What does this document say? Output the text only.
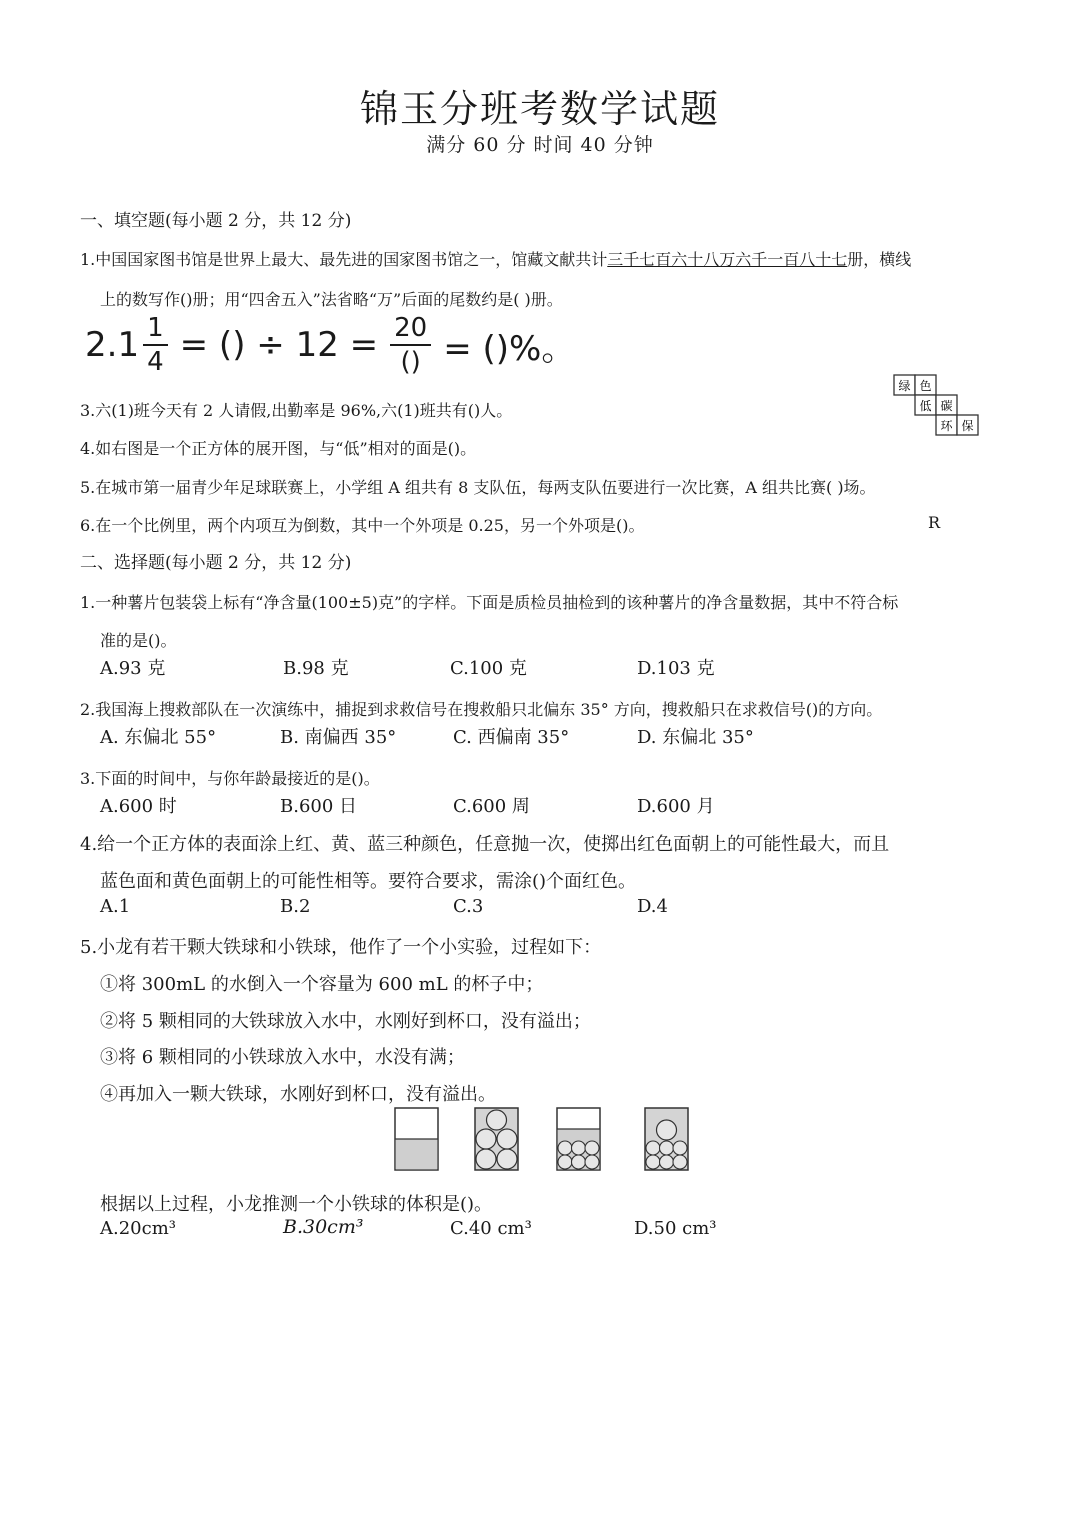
锦玉分班考数学试题
满分 60 分 时间 40 分钟
一、填空题(每小题 2 分，共 12 分)
1.中国国家图书馆是世界上最大、最先进的国家图书馆之一，馆藏文献共计三千七百六十八万六千一百八十七册，横线
上的数写作()册；用“四舍五入”法省略“万”后面的尾数约是( )册。
2. $1 \frac{1}{4}$ = () ÷ $12 = \frac{20}{()}$ = ()%。
3.六(1)班今天有 2 人请假,出勤率是 96%,六(1)班共有()人。
4.如右图是一个正方体的展开图，与“低”相对的面是()。
5.在城市第一届青少年足球联赛上，小学组 A 组共有 8 支队伍，每两支队伍要进行一次比赛，A 组共比赛( )场。
6.在一个比例里，两个内项互为倒数，其中一个外项是 0.25，另一个外项是()。	R
绿 色
低 碳
环 保
二、选择题(每小题 2 分，共 12 分)
1.一种薯片包装袋上标有“净含量(100±5)克”的字样。下面是质检员抽检到的该种薯片的净含量数据，其中不符合标
准的是()。
A.93 克	B.98 克	C.100 克	D.103 克
2.我国海上搜救部队在一次演练中，捕捉到求救信号在搜救船只北偏东 35° 方向，搜救船只在求救信号()的方向。
A. 东偏北 55°	B. 南偏西 35°	C. 西偏南 35°	D. 东偏北 35°
3.下面的时间中，与你年龄最接近的是()。
A.600 时	B.600 日	C.600 周	D.600 月
4.给一个正方体的表面涂上红、黄、蓝三种颜色，任意抛一次，使掷出红色面朝上的可能性最大，而且
蓝色面和黄色面朝上的可能性相等。要符合要求，需涂()个面红色。
A.1	B.2	C.3	D.4
5.小龙有若干颗大铁球和小铁球，他作了一个小实验，过程如下：
①将 300mL 的水倒入一个容量为 600 mL 的杯子中；
②将 5 颗相同的大铁球放入水中，水刚好到杯口，没有溢出；
③将 6 颗相同的小铁球放入水中，水没有满；
④再加入一颗大铁球，水刚好到杯口，没有溢出。
根据以上过程，小龙推测一个小铁球的体积是()。
A.20cm³	B.30cm³	C.40 cm³	D.50 cm³
